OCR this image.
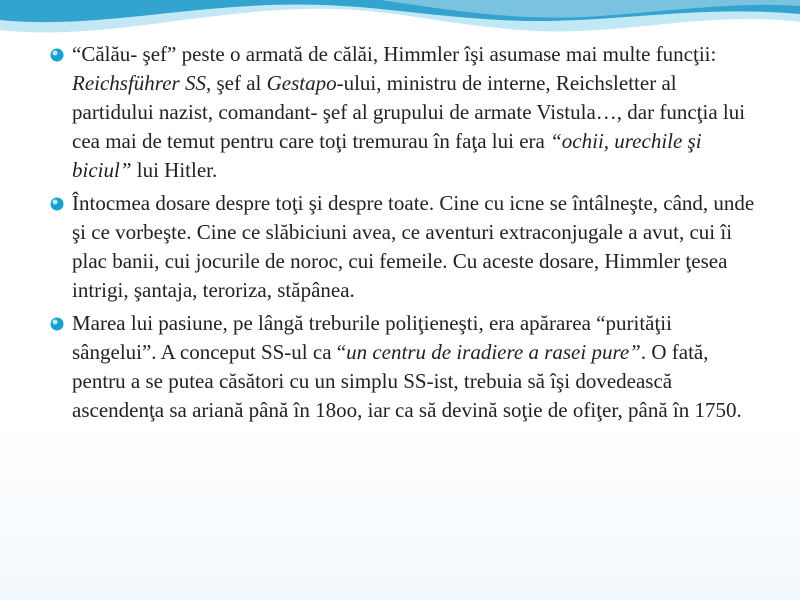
“Călău- şef” peste o armată de călăi, Himmler îşi asumase mai multe funcţii: Reichsführer SS, şef al Gestapo-ului, ministru de interne, Reichsletter al partidului nazist, comandant- şef al grupului de armate Vistula…, dar funcţia lui cea mai de temut pentru care toţi tremurau în faţa lui era “ochii, urechile şi biciul” lui Hitler.
Întocmea dosare despre toţi şi despre toate. Cine cu icne se întâlneşte, când, unde şi ce vorbeşte. Cine ce slăbiciuni avea, ce aventuri extraconjugale a avut, cui îi plac banii, cui jocurile de noroc, cui femeile. Cu aceste dosare, Himmler ţesea intrigi, şantaja, teroriza, stăpânea.
Marea lui pasiune, pe lângă treburile poliţieneşti, era apărarea “purităţii sângelui”. A conceput SS-ul ca “un centru de iradiere a rasei pure”. O fată, pentru a se putea căsători cu un simplu SS-ist, trebuia să îşi dovedească ascendenţa sa ariană până în 18oo, iar ca să devină soţie de ofiţer, până în 1750.
